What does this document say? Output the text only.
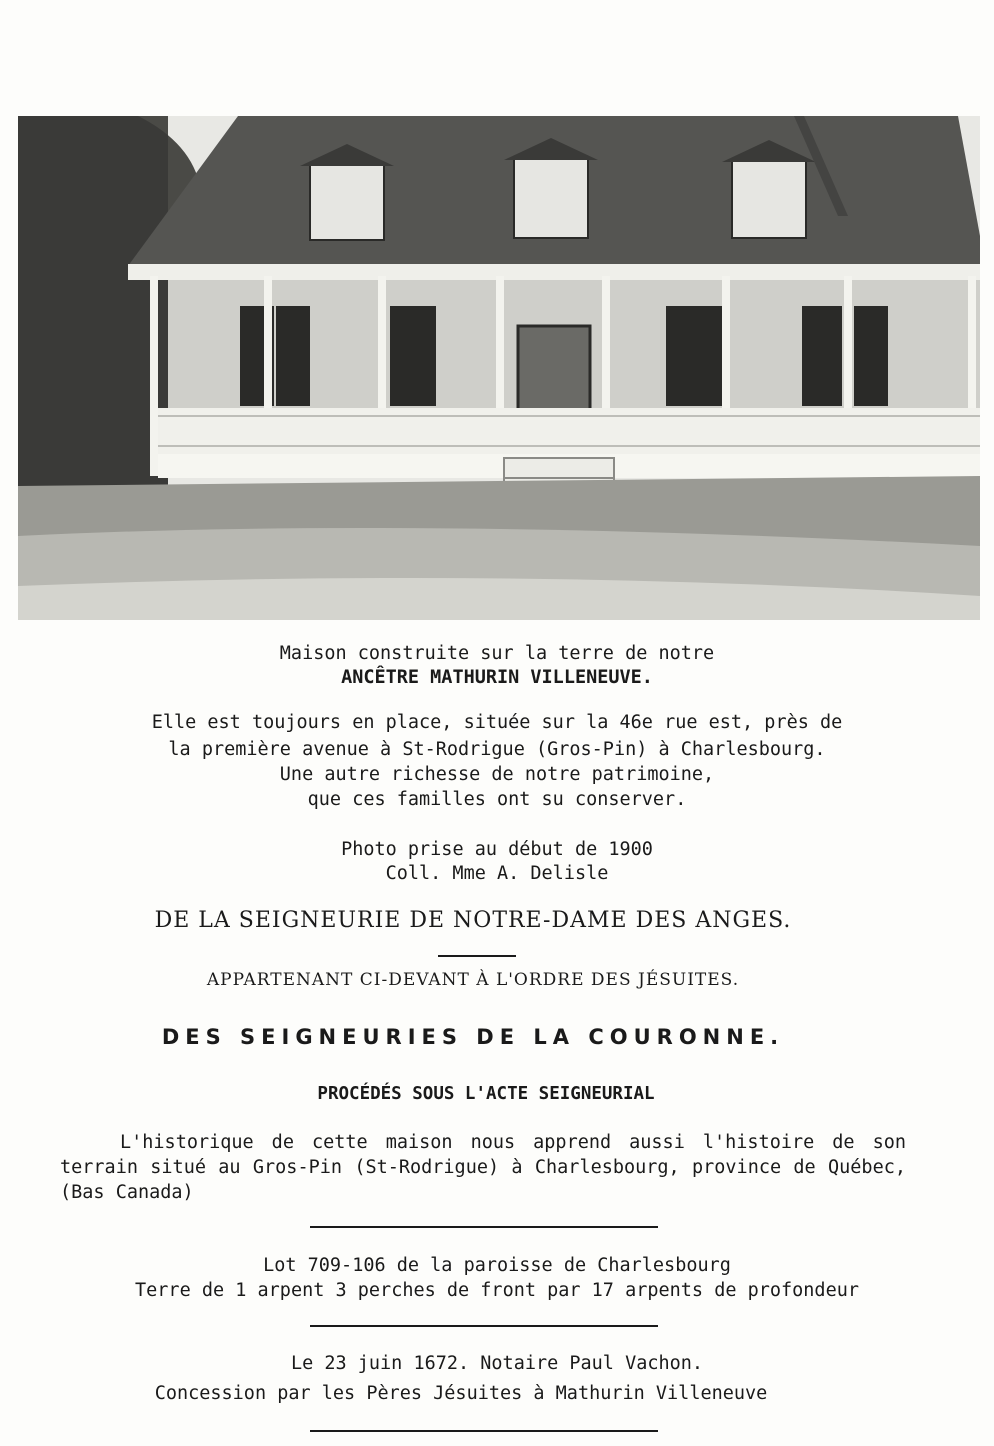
Maison construite sur la terre de notre
ANCÊTRE MATHURIN VILLENEUVE.
Elle est toujours en place, située sur la 46e rue est, près de
la première avenue à St-Rodrigue (Gros-Pin) à Charlesbourg.
Une autre richesse de notre patrimoine,
que ces familles ont su conserver.
Photo prise au début de 1900
Coll. Mme A. Delisle
DE LA SEIGNEURIE DE NOTRE-DAME DES ANGES.
APPARTENANT CI-DEVANT À L'ORDRE DES JÉSUITES.
DES SEIGNEURIES DE LA COURONNE.
PROCÉDÉS SOUS L'ACTE SEIGNEURIAL
L'historique de cette maison nous apprend aussi l'histoire de son terrain situé au Gros-Pin (St-Rodrigue) à Charlesbourg, province de Québec, (Bas Canada)
Lot 709-106 de la paroisse de Charlesbourg
Terre de 1 arpent 3 perches de front par 17 arpents de profondeur
Le 23 juin 1672. Notaire Paul Vachon.
Concession par les Pères Jésuites à Mathurin Villeneuve
